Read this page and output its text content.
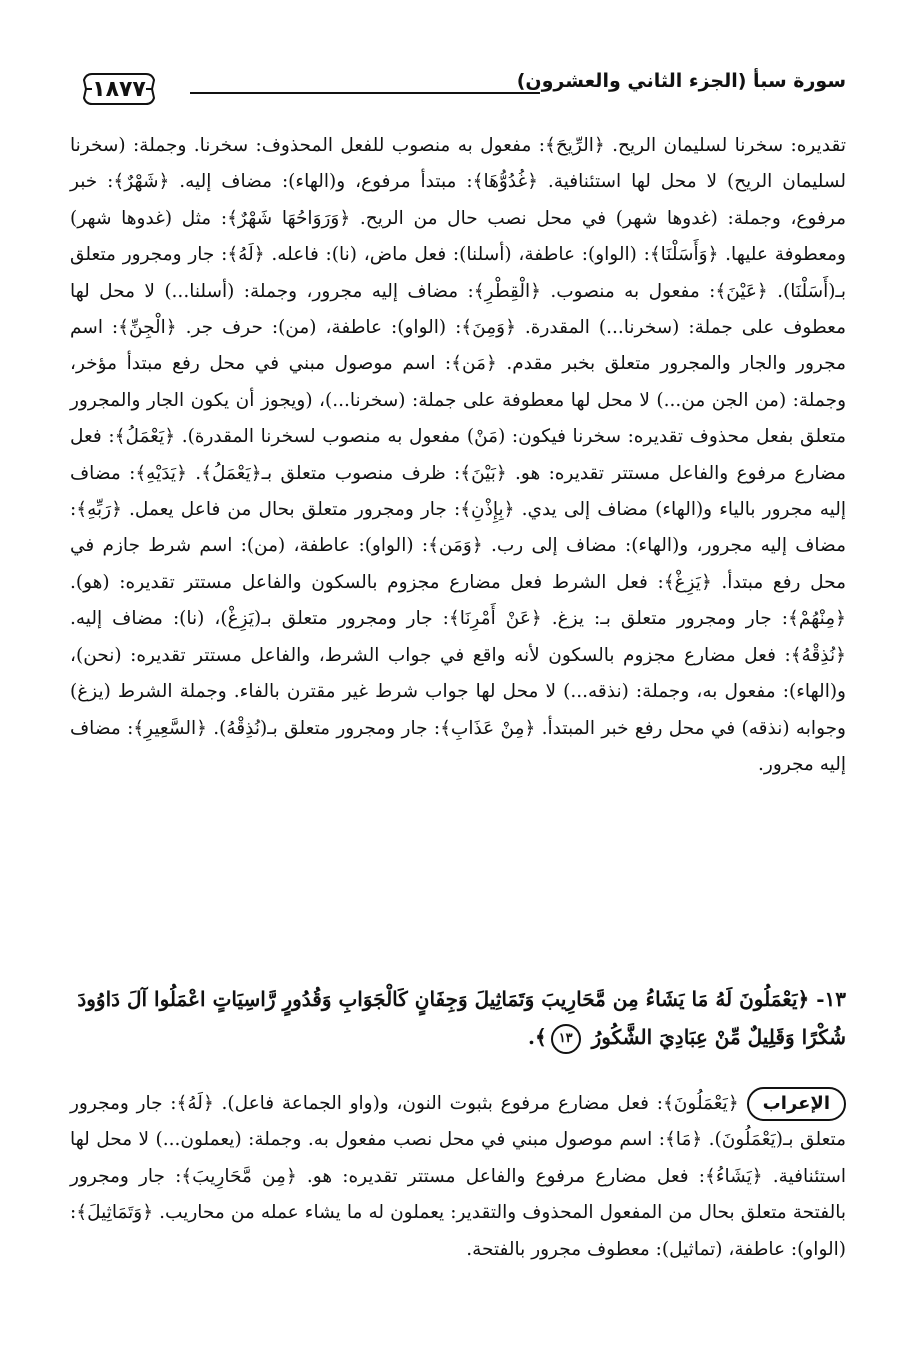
١٨٧٧	سورة سبأ (الجزء الثاني والعشرون)

تقديره: سخرنا لسليمان الريح. ﴿الرِّيحَ﴾: مفعول به منصوب للفعل المحذوف: سخرنا. وجملة: (سخرنا لسليمان الريح) لا محل لها استئنافية. ﴿غُدُوُّهَا﴾: مبتدأ مرفوع، و(الهاء): مضاف إليه. ﴿شَهْرٌ﴾: خبر مرفوع، وجملة: (غدوها شهر) في محل نصب حال من الريح. ﴿وَرَوَاحُهَا شَهْرٌ﴾: مثل (غدوها شهر) ومعطوفة عليها. ﴿وَأَسَلْنَا﴾: (الواو): عاطفة، (أسلنا): فعل ماض، (نا): فاعله. ﴿لَهُ﴾: جار ومجرور متعلق بـ(أَسَلْنَا). ﴿عَيْنَ﴾: مفعول به منصوب. ﴿الْقِطْرِ﴾: مضاف إليه مجرور، وجملة: (أسلنا...) لا محل لها معطوف على جملة: (سخرنا...) المقدرة. ﴿وَمِنَ﴾: (الواو): عاطفة، (من): حرف جر. ﴿الْجِنِّ﴾: اسم مجرور والجار والمجرور متعلق بخبر مقدم. ﴿مَن﴾: اسم موصول مبني في محل رفع مبتدأ مؤخر، وجملة: (من الجن من...) لا محل لها معطوفة على جملة: (سخرنا...)، (ويجوز أن يكون الجار والمجرور متعلق بفعل محذوف تقديره: سخرنا فيكون: (مَنْ) مفعول به منصوب لسخرنا المقدرة). ﴿يَعْمَلُ﴾: فعل مضارع مرفوع والفاعل مستتر تقديره: هو. ﴿بَيْنَ﴾: ظرف منصوب متعلق بـ﴿يَعْمَلُ﴾. ﴿يَدَيْهِ﴾: مضاف إليه مجرور بالياء و(الهاء) مضاف إلى يدي. ﴿بِإِذْنِ﴾: جار ومجرور متعلق بحال من فاعل يعمل. ﴿رَبِّهِ﴾: مضاف إليه مجرور، و(الهاء): مضاف إلى رب. ﴿وَمَن﴾: (الواو): عاطفة، (من): اسم شرط جازم في محل رفع مبتدأ. ﴿يَزِغْ﴾: فعل الشرط فعل مضارع مجزوم بالسكون والفاعل مستتر تقديره: (هو). ﴿مِنْهُمْ﴾: جار ومجرور متعلق بـ: يزغ. ﴿عَنْ أَمْرِنَا﴾: جار ومجرور متعلق بـ(يَزِغْ)، (نا): مضاف إليه. ﴿نُذِقْهُ﴾: فعل مضارع مجزوم بالسكون لأنه واقع في جواب الشرط، والفاعل مستتر تقديره: (نحن)، و(الهاء): مفعول به، وجملة: (نذقه...) لا محل لها جواب شرط غير مقترن بالفاء. وجملة الشرط (يزغ) وجوابه (نذقه) في محل رفع خبر المبتدأ. ﴿مِنْ عَذَابِ﴾: جار ومجرور متعلق بـ(نُذِقْهُ). ﴿السَّعِيرِ﴾: مضاف إليه مجرور.

١٣- ﴿يَعْمَلُونَ لَهُ مَا يَشَاءُ مِن مَّحَارِيبَ وَتَمَاثِيلَ وَجِفَانٍ كَالْجَوَابِ وَقُدُورٍ رَّاسِيَاتٍ اعْمَلُوا آلَ دَاوُودَ شُكْرًا وَقَلِيلٌ مِّنْ عِبَادِيَ الشَّكُورُ ١٣﴾.

الإعراب﴿يَعْمَلُونَ﴾: فعل مضارع مرفوع بثبوت النون، و(واو الجماعة فاعل). ﴿لَهُ﴾: جار ومجرور متعلق بـ(يَعْمَلُونَ). ﴿مَا﴾: اسم موصول مبني في محل نصب مفعول به. وجملة: (يعملون...) لا محل لها استئنافية. ﴿يَشَاءُ﴾: فعل مضارع مرفوع والفاعل مستتر تقديره: هو. ﴿مِن مَّحَارِيبَ﴾: جار ومجرور بالفتحة متعلق بحال من المفعول المحذوف والتقدير: يعملون له ما يشاء عمله من محاريب. ﴿وَتَمَاثِيلَ﴾: (الواو): عاطفة، (تماثيل): معطوف مجرور بالفتحة.
